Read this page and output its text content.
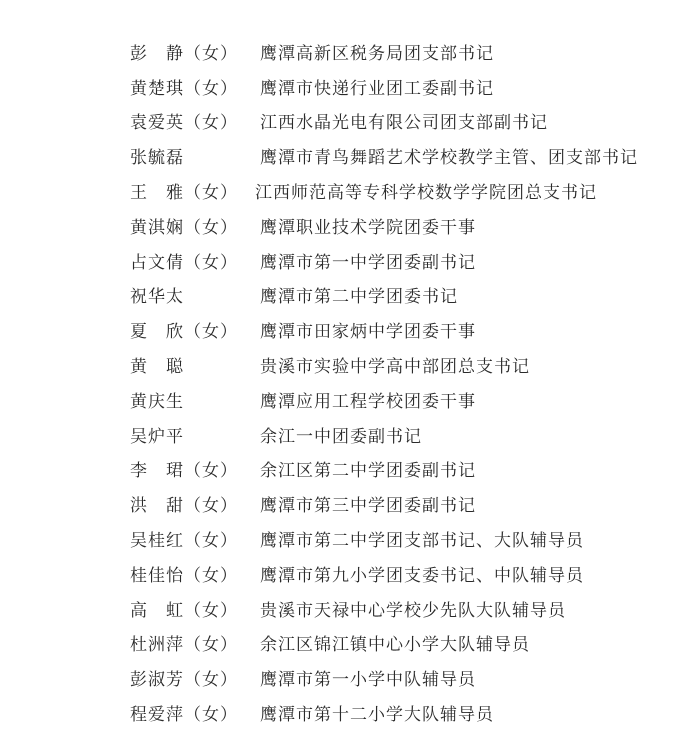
彭　静（女）	鹰潭高新区税务局团支部书记
黄楚琪（女）	鹰潭市快递行业团工委副书记
袁爱英（女）	江西水晶光电有限公司团支部副书记
张毓磊	鹰潭市青鸟舞蹈艺术学校教学主管、团支部书记
王　雅（女）	江西师范高等专科学校数学学院团总支书记
黄淇娴（女）	鹰潭职业技术学院团委干事
占文倩（女）	鹰潭市第一中学团委副书记
祝华太	鹰潭市第二中学团委书记
夏　欣（女）	鹰潭市田家炳中学团委干事
黄　聪	贵溪市实验中学高中部团总支书记
黄庆生	鹰潭应用工程学校团委干事
吴炉平	余江一中团委副书记
李　珺（女）	余江区第二中学团委副书记
洪　甜（女）	鹰潭市第三中学团委副书记
吴桂红（女）	鹰潭市第二中学团支部书记、大队辅导员
桂佳怡（女）	鹰潭市第九小学团支委书记、中队辅导员
高　虹（女）	贵溪市天禄中心学校少先队大队辅导员
杜洲萍（女）	余江区锦江镇中心小学大队辅导员
彭淑芳（女）	鹰潭市第一小学中队辅导员
程爱萍（女）	鹰潭市第十二小学大队辅导员
